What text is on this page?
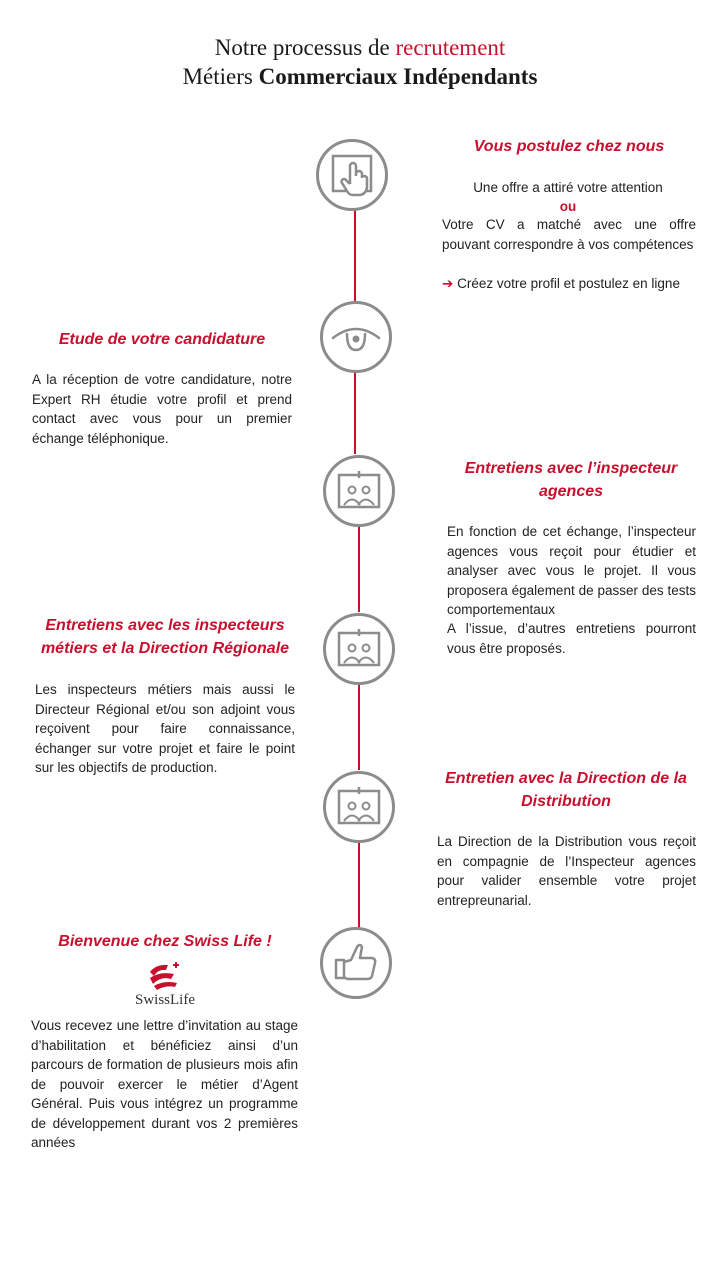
Notre processus de recrutement
Métiers Commerciaux Indépendants
Vous postulez chez nous
Une offre a attiré votre attention
ou
Votre CV a matché avec une offre pouvant correspondre à vos compétences
➔ Créez votre profil et postulez en ligne
Etude de votre candidature
A la réception de votre candidature, notre Expert RH étudie votre profil et prend contact avec vous pour un premier échange téléphonique.
Entretiens avec l’inspecteur
agences
En fonction de cet échange, l’inspecteur agences vous reçoit pour étudier et analyser avec vous le projet. Il vous proposera également de passer des tests comportementaux
A l’issue, d’autres entretiens pourront vous être proposés.
Entretiens avec les inspecteurs
métiers et la Direction Régionale
Les inspecteurs métiers mais aussi le Directeur Régional et/ou son adjoint vous reçoivent pour faire connaissance, échanger sur votre projet et faire le point sur les objectifs de production.
Entretien avec la Direction de la
Distribution
La Direction de la Distribution vous reçoit en compagnie de l’Inspecteur agences pour valider ensemble votre projet entrepreunarial.
Bienvenue chez Swiss Life !
SwissLife
Vous recevez une lettre d’invitation au stage d’habilitation et bénéficiez ainsi d’un parcours de formation de plusieurs mois afin de pouvoir exercer le métier d’Agent Général. Puis vous intégrez un programme de développement durant vos 2 premières années
